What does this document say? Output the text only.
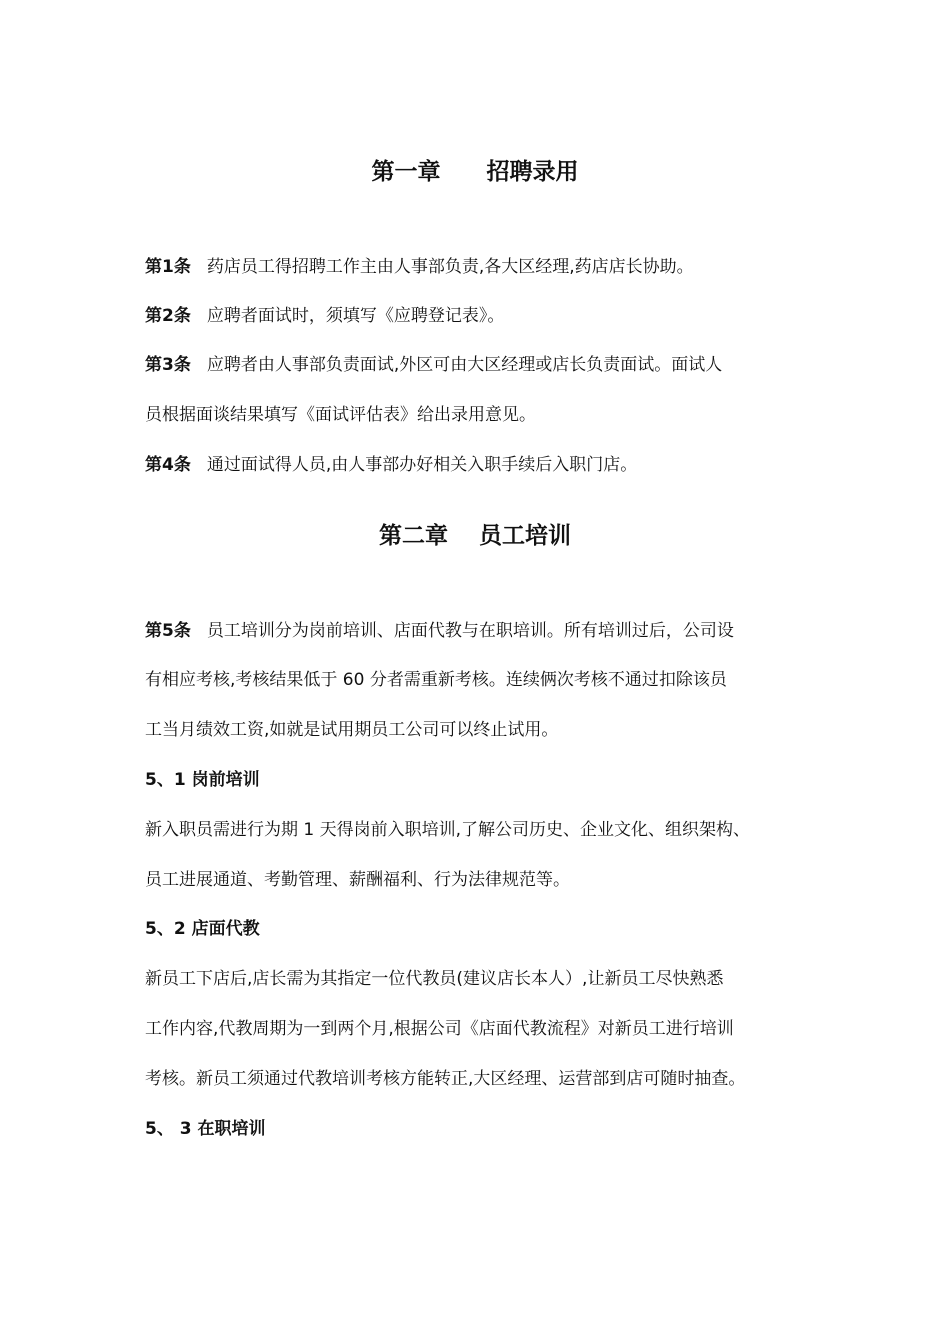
第一章　　招聘录用
第1条 药店员工得招聘工作主由人事部负责,各大区经理,药店店长协助。
第2条 应聘者面试时，须填写《应聘登记表》。
第3条 应聘者由人事部负责面试,外区可由大区经理或店长负责面试。面试人
员根据面谈结果填写《面试评估表》给出录用意见。
第4条 通过面试得人员,由人事部办好相关入职手续后入职门店。
第二章　 员工培训
第5条 员工培训分为岗前培训、店面代教与在职培训。所有培训过后，公司设
有相应考核,考核结果低于 60 分者需重新考核。连续俩次考核不通过扣除该员
工当月绩效工资,如就是试用期员工公司可以终止试用。
5、1 岗前培训
新入职员需进行为期 1 天得岗前入职培训,了解公司历史、企业文化、组织架构、
员工进展通道、考勤管理、薪酬福利、行为法律规范等。
5、2 店面代教
新员工下店后,店长需为其指定一位代教员(建议店长本人）,让新员工尽快熟悉
工作内容,代教周期为一到两个月,根据公司《店面代教流程》对新员工进行培训
考核。新员工须通过代教培训考核方能转正,大区经理、运营部到店可随时抽查。
5、 3 在职培训
